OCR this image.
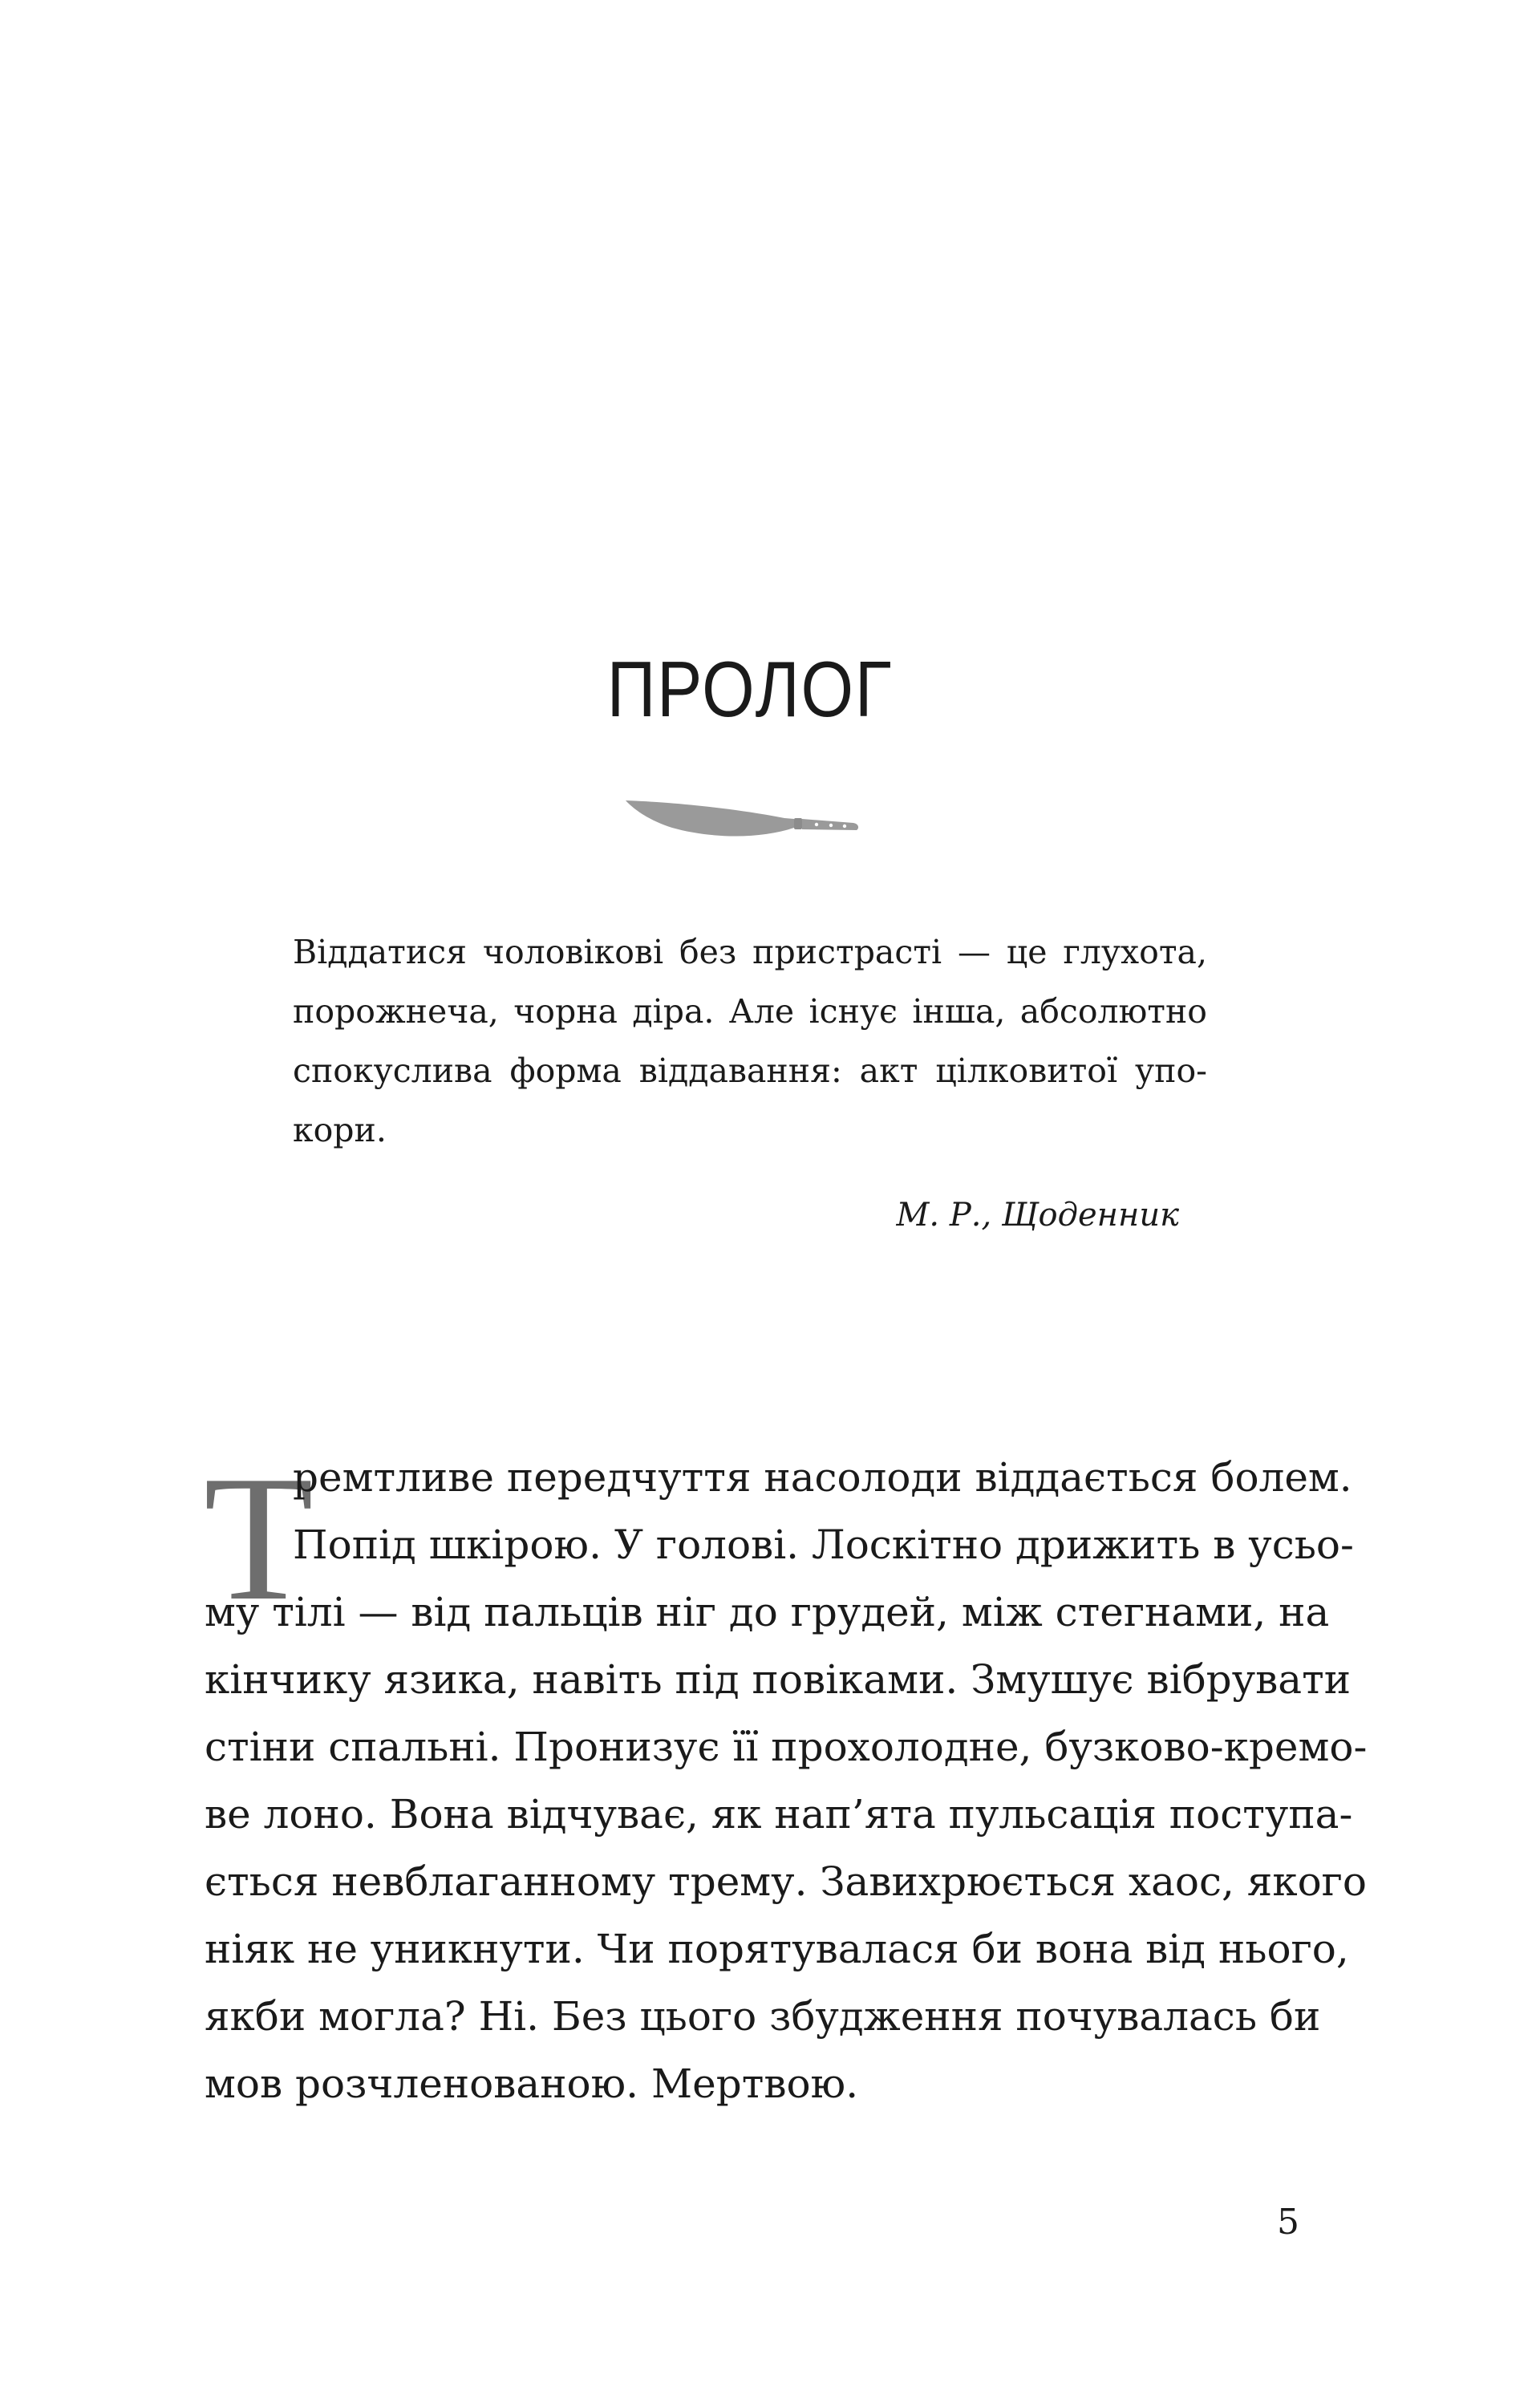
ПРОЛОГ

Віддатися чоловікові без пристрасті — це глухота,

порожнеча, чорна діра. Але існує інша, абсолютно

спокуслива форма віддавання: акт цілковитої упо-

кори.

М. Р., Щоденник

Т

ремтливе передчуття насолоди віддається болем.

Попід шкірою. У голові. Лоскітно дрижить в усьо-

му тілі — від пальців ніг до грудей, між стегнами, на

кінчику язика, навіть під повіками. Змушує вібрувати

стіни спальні. Пронизує її прохолодне, бузково-кремо-

ве лоно. Вона відчуває, як нап’ята пульсація поступа-

ється невблаганному трему. Завихрюється хаос, якого

ніяк не уникнути. Чи порятувалася би вона від нього,

якби могла? Ні. Без цього збудження почувалась би

мов розчленованою. Мертвою.

5
